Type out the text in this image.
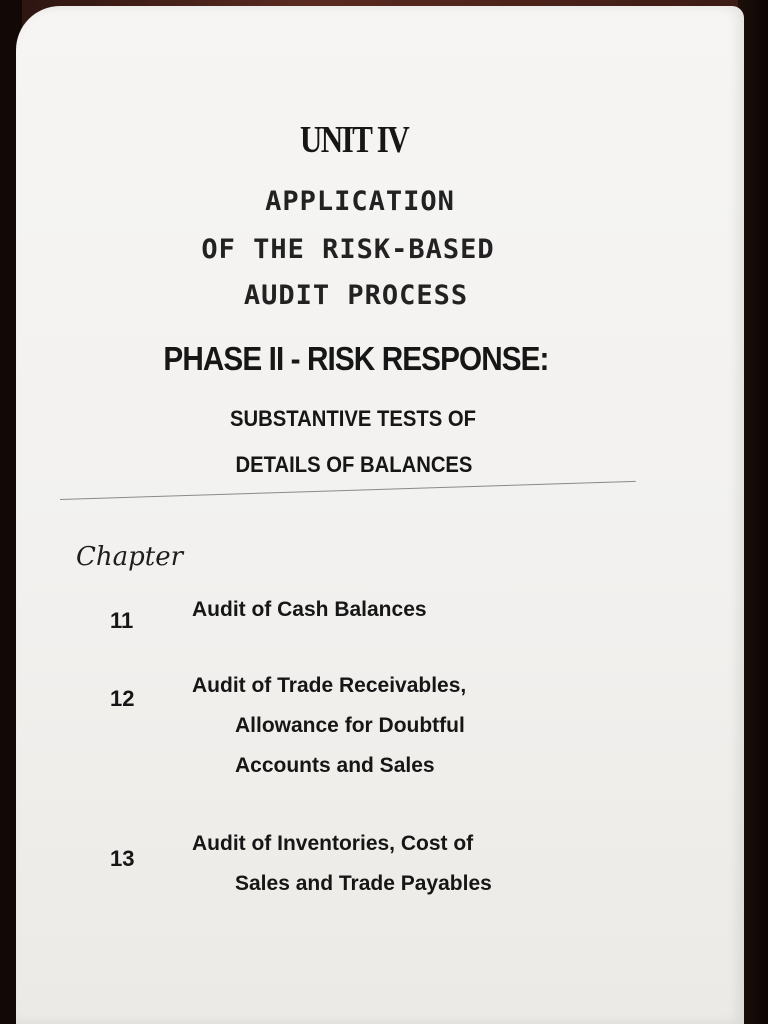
UNIT IV
APPLICATION
OF THE RISK-BASED
AUDIT PROCESS
PHASE II - RISK RESPONSE:
SUBSTANTIVE TESTS OF
DETAILS OF BALANCES
Chapter
11	Audit of Cash Balances
12
Audit of Trade Receivables,
Allowance for Doubtful
Accounts and Sales
13
Audit of Inventories, Cost of
Sales and Trade Payables
